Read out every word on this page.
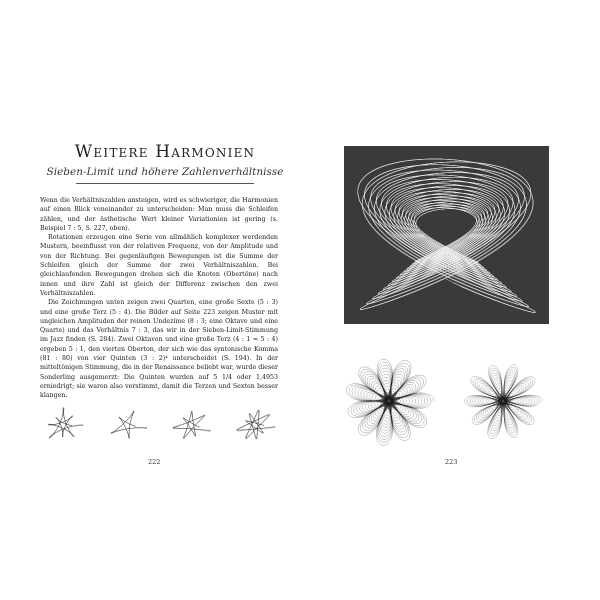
Weitere Harmonien
Sieben-Limit und höhere Zahlenverhältnisse

Wenn die Verhältniszahlen ansteigen, wird es schwieriger, die Harmonien auf einen Blick voneinander zu unterscheiden: Man muss die Schleifen zählen, und der ästhetische Wert kleiner Variationien ist gering (s. Beispiel 7 : 5, S. 227, oben).

Rotationen erzeugen eine Serie von allmählich komplexer werdenden Mustern, beeinflusst von der relativen Frequenz, von der Amplitude und von der Richtung. Bei gegenläufigen Bewegungen ist die Summe der Schleifen gleich der Summe der zwei Verhältniszahlen. Bei gleichlaufenden Bewegungen drehen sich die Knoten (Obertöne) nach innen und ihre Zahl ist gleich der Differenz zwischen den zwei Verhältniszahlen.

Die Zeichnungen unten zeigen zwei Quarten, eine große Sexte (5 : 3) und eine große Terz (5 : 4). Die Bilder auf Seite 223 zeigen Muster mit ungleichen Amplituden der reinen Undezime (8 : 3; eine Oktave und eine Quarte) und das Verhältnis 7 : 3, das wir in der Sieben-Limit-Stimmung im Jazz finden (S. 284). Zwei Oktaven und eine große Terz (4 : 1 ≈ 5 : 4) ergeben 5 : 1, den vierten Oberton, der sich wie das syntonische Komma (81 : 80) von vier Quinten (3 : 2)⁴ unterscheidet (S. 194). In der mitteltönigen Stimmung, die in der Renaissance beliebt war, wurde dieser Sonderling ausgemerzt: Die Quinten wurden auf 5 1/4 oder 1,4953 erniedrigt; sie waren also verstimmt, damit die Terzen und Sexten besser klangen.

222	223
